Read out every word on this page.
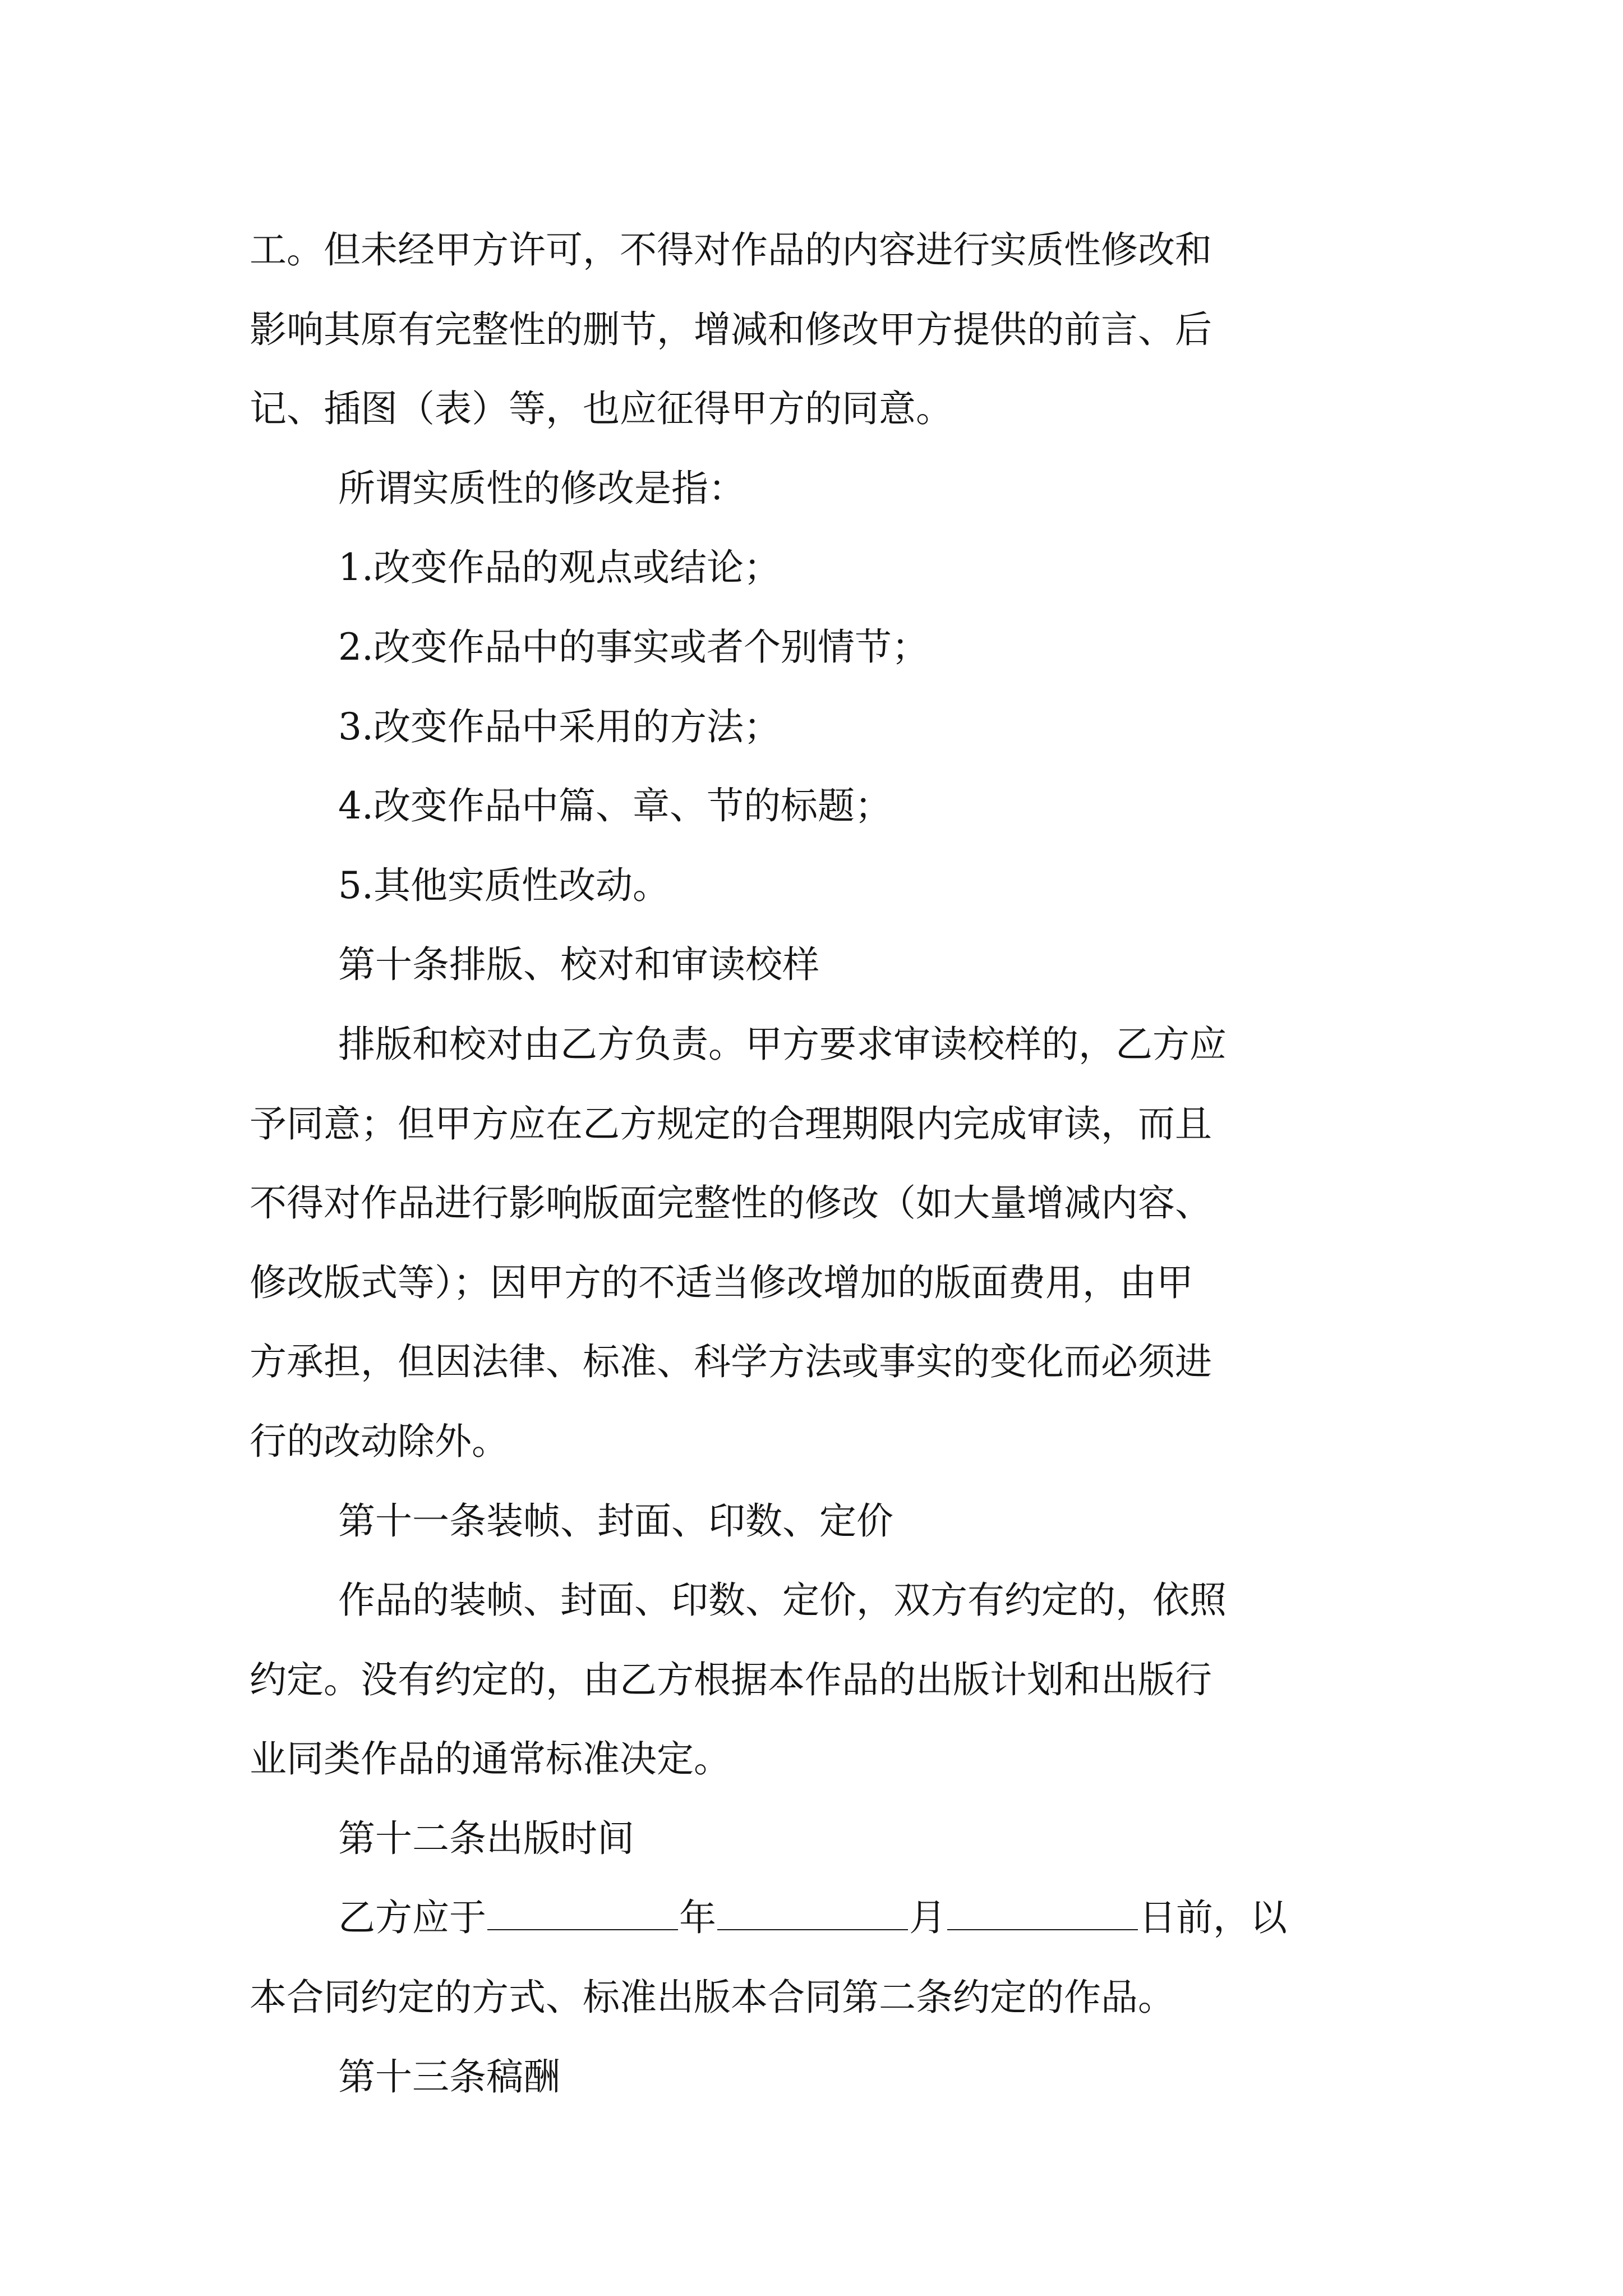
工。但未经甲方许可，不得对作品的内容进行实质性修改和
影响其原有完整性的删节，增减和修改甲方提供的前言、后
记、插图（表）等，也应征得甲方的同意。
所谓实质性的修改是指：
1.改变作品的观点或结论；
2.改变作品中的事实或者个别情节；
3.改变作品中采用的方法；
4.改变作品中篇、章、节的标题；
5.其他实质性改动。
第十条排版、校对和审读校样
排版和校对由乙方负责。甲方要求审读校样的，乙方应
予同意；但甲方应在乙方规定的合理期限内完成审读，而且
不得对作品进行影响版面完整性的修改（如大量增减内容、
修改版式等）；因甲方的不适当修改增加的版面费用，由甲
方承担，但因法律、标准、科学方法或事实的变化而必须进
行的改动除外。
第十一条装帧、封面、印数、定价
作品的装帧、封面、印数、定价，双方有约定的，依照
约定。没有约定的，由乙方根据本作品的出版计划和出版行
业同类作品的通常标准决定。
第十二条出版时间
乙方应于	年	月	日前，以
本合同约定的方式、标准出版本合同第二条约定的作品。
第十三条稿酬
